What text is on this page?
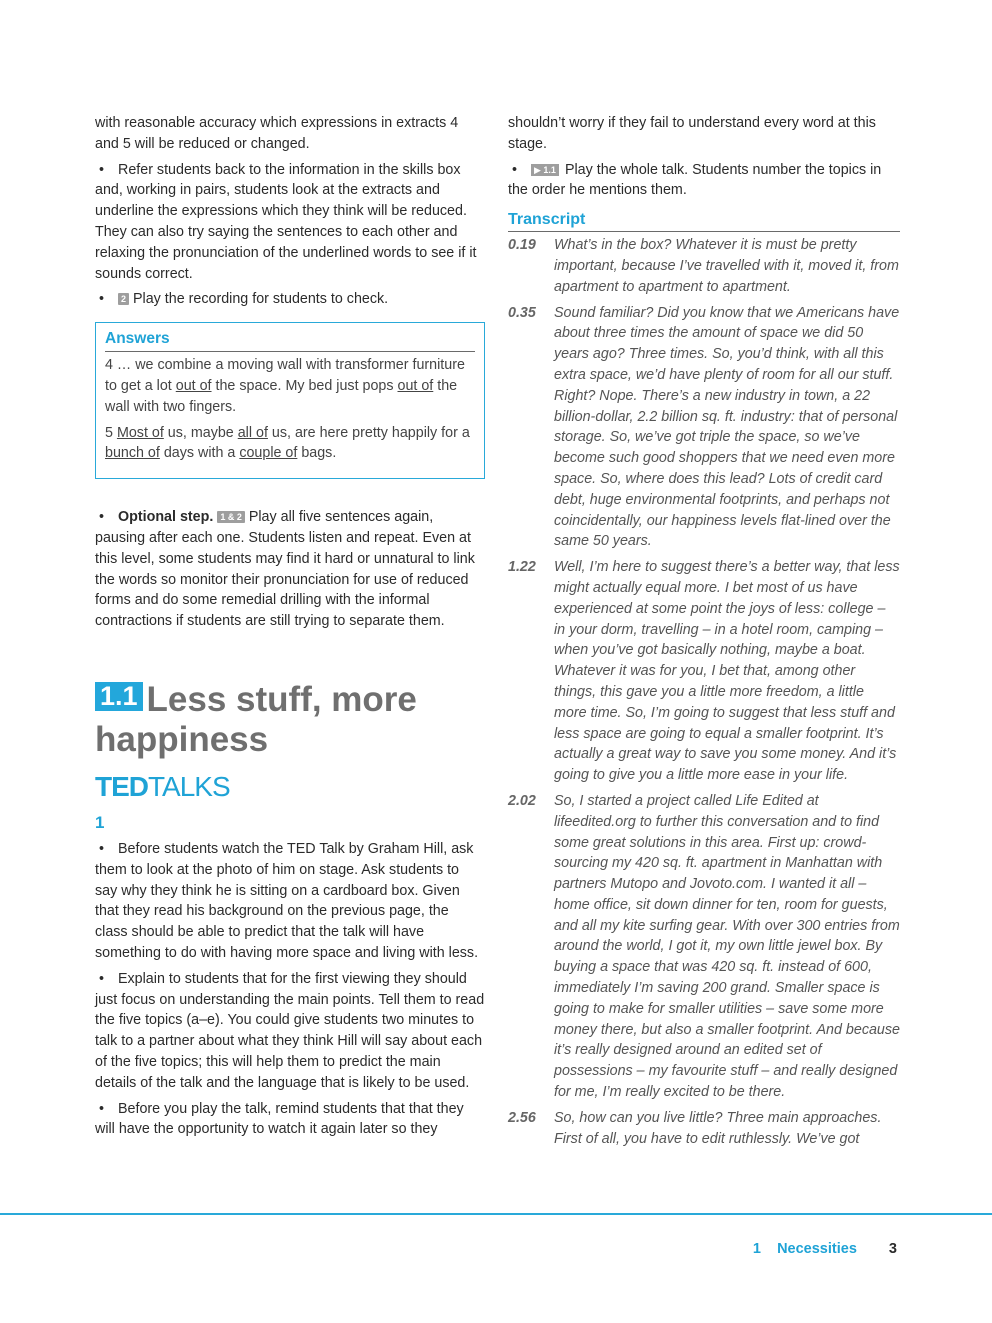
with reasonable accuracy which expressions in extracts 4 and 5 will be reduced or changed.

• Refer students back to the information in the skills box and, working in pairs, students look at the extracts and underline the expressions which they think will be reduced. They can also try saying the sentences to each other and relaxing the pronunciation of the underlined words to see if it sounds correct.

• 2 Play the recording for students to check.

Answers

4 … we combine a moving wall with transformer furniture to get a lot out of the space. My bed just pops out of the wall with two fingers.

5 Most of us, maybe all of us, are here pretty happily for a bunch of days with a couple of bags.

• Optional step. 1 & 2 Play all five sentences again, pausing after each one. Students listen and repeat. Even at this level, some students may find it hard or unnatural to link the words so monitor their pronunciation for use of reduced forms and do some remedial drilling with the informal contractions if students are still trying to separate them.

1.1 Less stuff, more happiness
TEDTALKS
1

• Before students watch the TED Talk by Graham Hill, ask them to look at the photo of him on stage. Ask students to say why they think he is sitting on a cardboard box. Given that they read his background on the previous page, the class should be able to predict that the talk will have something to do with having more space and living with less.

• Explain to students that for the first viewing they should just focus on understanding the main points. Tell them to read the five topics (a–e). You could give students two minutes to talk to a partner about what they think Hill will say about each of the five topics; this will help them to predict the main details of the talk and the language that is likely to be used.

• Before you play the talk, remind students that that they will have the opportunity to watch it again later so they

shouldn’t worry if they fail to understand every word at this stage.

• ▶ 1.1 Play the whole talk. Students number the topics in the order he mentions them.

Transcript
0.19	What’s in the box? Whatever it is must be pretty important, because I’ve travelled with it, moved it, from apartment to apartment to apartment.
0.35	Sound familiar? Did you know that we Americans have about three times the amount of space we did 50 years ago? Three times. So, you’d think, with all this extra space, we’d have plenty of room for all our stuff. Right? Nope. There’s a new industry in town, a 22 billion-dollar, 2.2 billion sq. ft. industry: that of personal storage. So, we’ve got triple the space, so we’ve become such good shoppers that we need even more space. So, where does this lead? Lots of credit card debt, huge environmental footprints, and perhaps not coincidentally, our happiness levels flat-lined over the same 50 years.
1.22	Well, I’m here to suggest there’s a better way, that less might actually equal more. I bet most of us have experienced at some point the joys of less: college – in your dorm, travelling – in a hotel room, camping – when you’ve got basically nothing, maybe a boat. Whatever it was for you, I bet that, among other things, this gave you a little more freedom, a little more time. So, I’m going to suggest that less stuff and less space are going to equal a smaller footprint. It’s actually a great way to save you some money. And it’s going to give you a little more ease in your life.
2.02	So, I started a project called Life Edited at lifeedited.org to further this conversation and to find some great solutions in this area. First up: crowd-sourcing my 420 sq. ft. apartment in Manhattan with partners Mutopo and Jovoto.com. I wanted it all – home office, sit down dinner for ten, room for guests, and all my kite surfing gear. With over 300 entries from around the world, I got it, my own little jewel box. By buying a space that was 420 sq. ft. instead of 600, immediately I’m saving 200 grand. Smaller space is going to make for smaller utilities – save some more money there, but also a smaller footprint. And because it’s really designed around an edited set of possessions – my favourite stuff – and really designed for me, I’m really excited to be there.
2.56	So, how can you live little? Three main approaches. First of all, you have to edit ruthlessly. We’ve got
1 Necessities 3
